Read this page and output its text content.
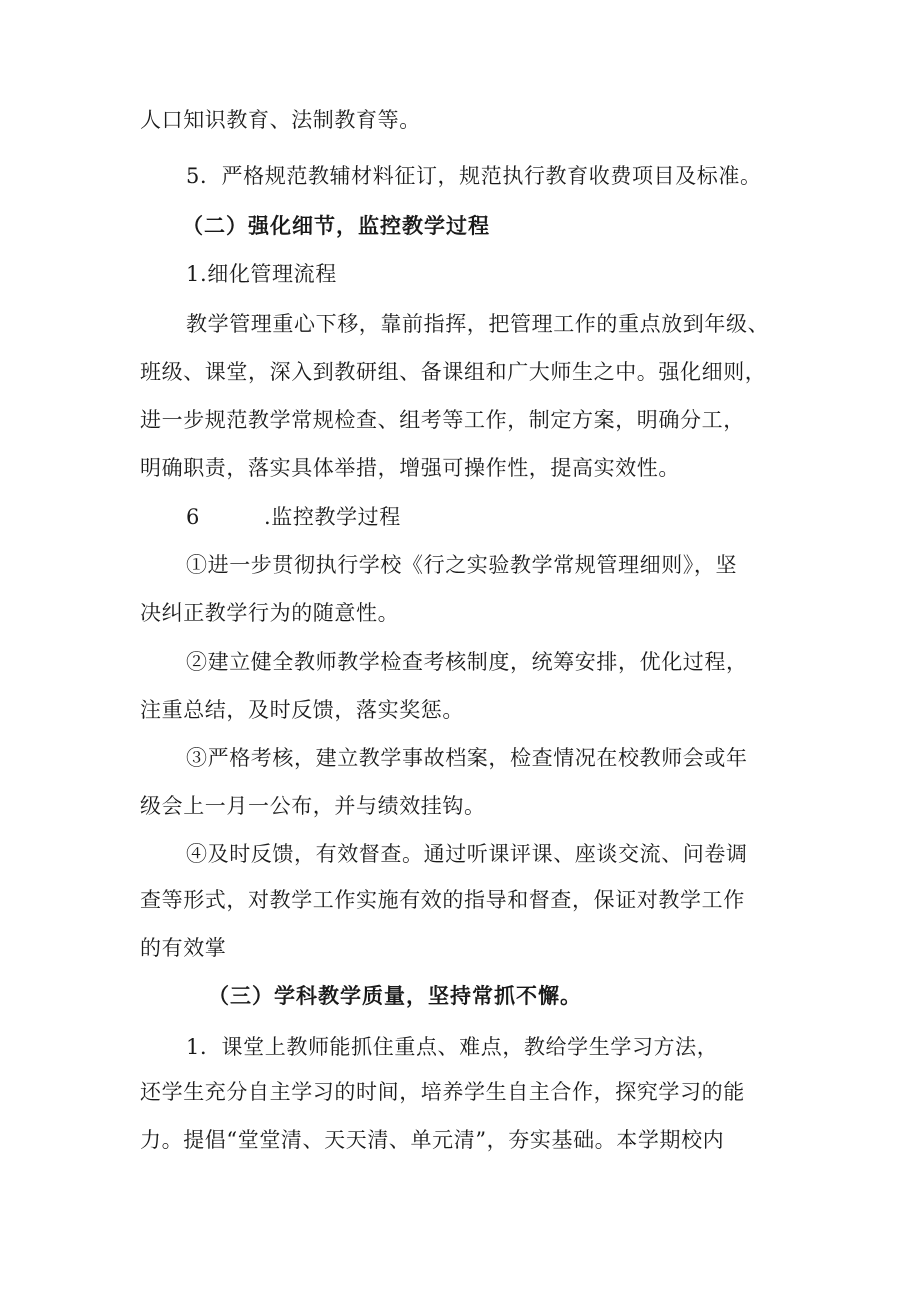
人口知识教育、法制教育等。
5．严格规范教辅材料征订，规范执行教育收费项目及标准。
（二）强化细节，监控教学过程
1.细化管理流程
教学管理重心下移，靠前指挥，把管理工作的重点放到年级、
班级、课堂，深入到教研组、备课组和广大师生之中。强化细则，
进一步规范教学常规检查、组考等工作，制定方案，明确分工，
明确职责，落实具体举措，增强可操作性，提高实效性。
6	.监控教学过程
①进一步贯彻执行学校《行之实验教学常规管理细则》，坚
决纠正教学行为的随意性。
②建立健全教师教学检查考核制度，统筹安排，优化过程，
注重总结，及时反馈，落实奖惩。
③严格考核，建立教学事故档案，检查情况在校教师会或年
级会上一月一公布，并与绩效挂钩。
④及时反馈，有效督查。通过听课评课、座谈交流、问卷调
查等形式，对教学工作实施有效的指导和督查，保证对教学工作
的有效掌
（三）学科教学质量，坚持常抓不懈。
1．课堂上教师能抓住重点、难点，教给学生学习方法，
还学生充分自主学习的时间，培养学生自主合作，探究学习的能
力。提倡“堂堂清、天天清、单元清”，夯实基础。本学期校内
